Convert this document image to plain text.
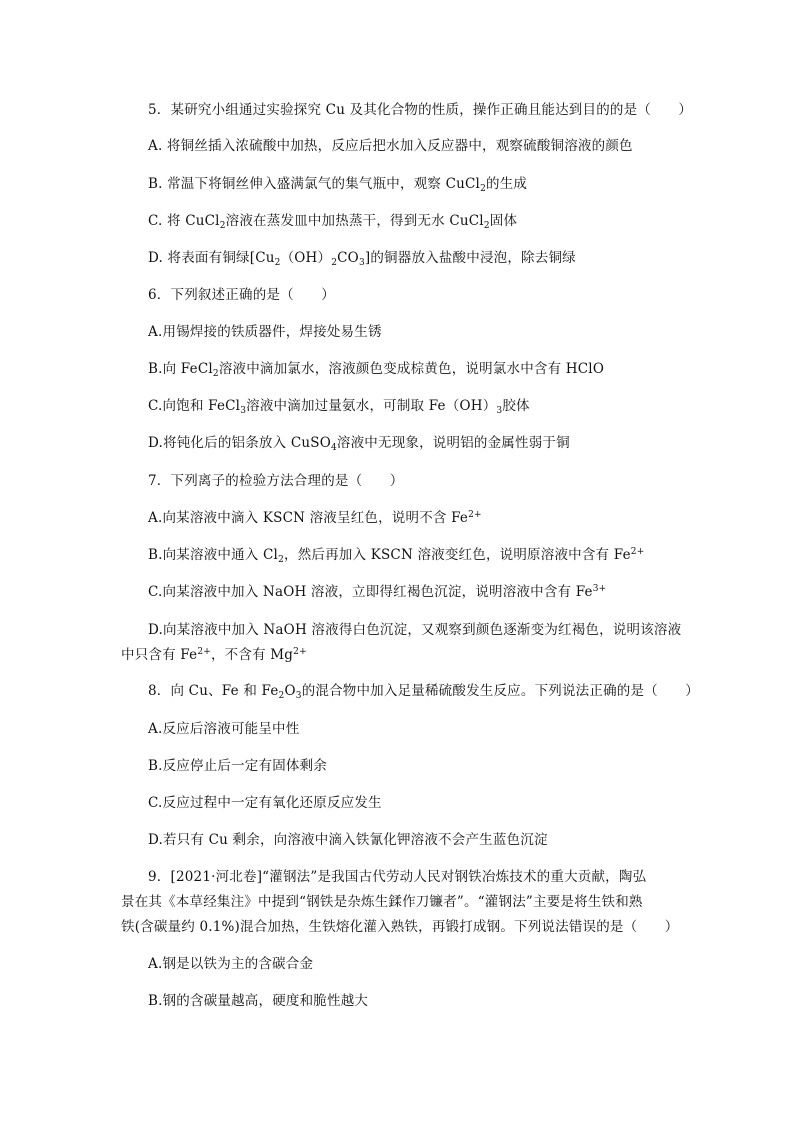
5．某研究小组通过实验探究 Cu 及其化合物的性质，操作正确且能达到目的的是（　　）
A. 将铜丝插入浓硫酸中加热，反应后把水加入反应器中，观察硫酸铜溶液的颜色
B. 常温下将铜丝伸入盛满氯气的集气瓶中，观察 CuCl$_2$的生成
C. 将 CuCl$_2$溶液在蒸发皿中加热蒸干，得到无水 CuCl$_2$固体
D. 将表面有铜绿$[Cu_2(OH)_2CO_3]$的铜器放入盐酸中浸泡，除去铜绿
6．下列叙述正确的是（　　）
A.用锡焊接的铁质器件，焊接处易生锈
B.向 FeCl$_2$溶液中滴加氯水，溶液颜色变成棕黄色，说明氯水中含有 HClO
C.向饱和 FeCl$_3$溶液中滴加过量氨水，可制取 $Fe(OH)_3$胶体
D.将钝化后的铝条放入 CuSO$_4$溶液中无现象，说明铝的金属性弱于铜
7．下列离子的检验方法合理的是（　　）
A.向某溶液中滴入 KSCN 溶液呈红色，说明不含 $Fe^{2+}$
B.向某溶液中通入 $Cl_2$，然后再加入 KSCN 溶液变红色，说明原溶液中含有 $Fe^{2+}$
C.向某溶液中加入 NaOH 溶液，立即得红褐色沉淀，说明溶液中含有 $Fe^{3+}$
D.向某溶液中加入 NaOH 溶液得白色沉淀，又观察到颜色逐渐变为红褐色，说明该溶液
中只含有 $Fe^{2+}$，不含有 $Mg^{2+}$
8．向 Cu、Fe 和 $Fe_2O_3$的混合物中加入足量稀硫酸发生反应。下列说法正确的是（　　）
A.反应后溶液可能呈中性
B.反应停止后一定有固体剩余
C.反应过程中一定有氧化还原反应发生
D.若只有 Cu 剩余，向溶液中滴入铁氰化钾溶液不会产生蓝色沉淀
9．[2021·河北卷]“灌钢法”是我国古代劳动人民对钢铁冶炼技术的重大贡献，陶弘
景在其《本草经集注》中提到“钢铁是杂炼生鍒作刀镰者”。“灌钢法”主要是将生铁和熟
铁(含碳量约 0.1%)混合加热，生铁熔化灌入熟铁，再锻打成钢。下列说法错误的是（　　）
A.钢是以铁为主的含碳合金
B.钢的含碳量越高，硬度和脆性越大
